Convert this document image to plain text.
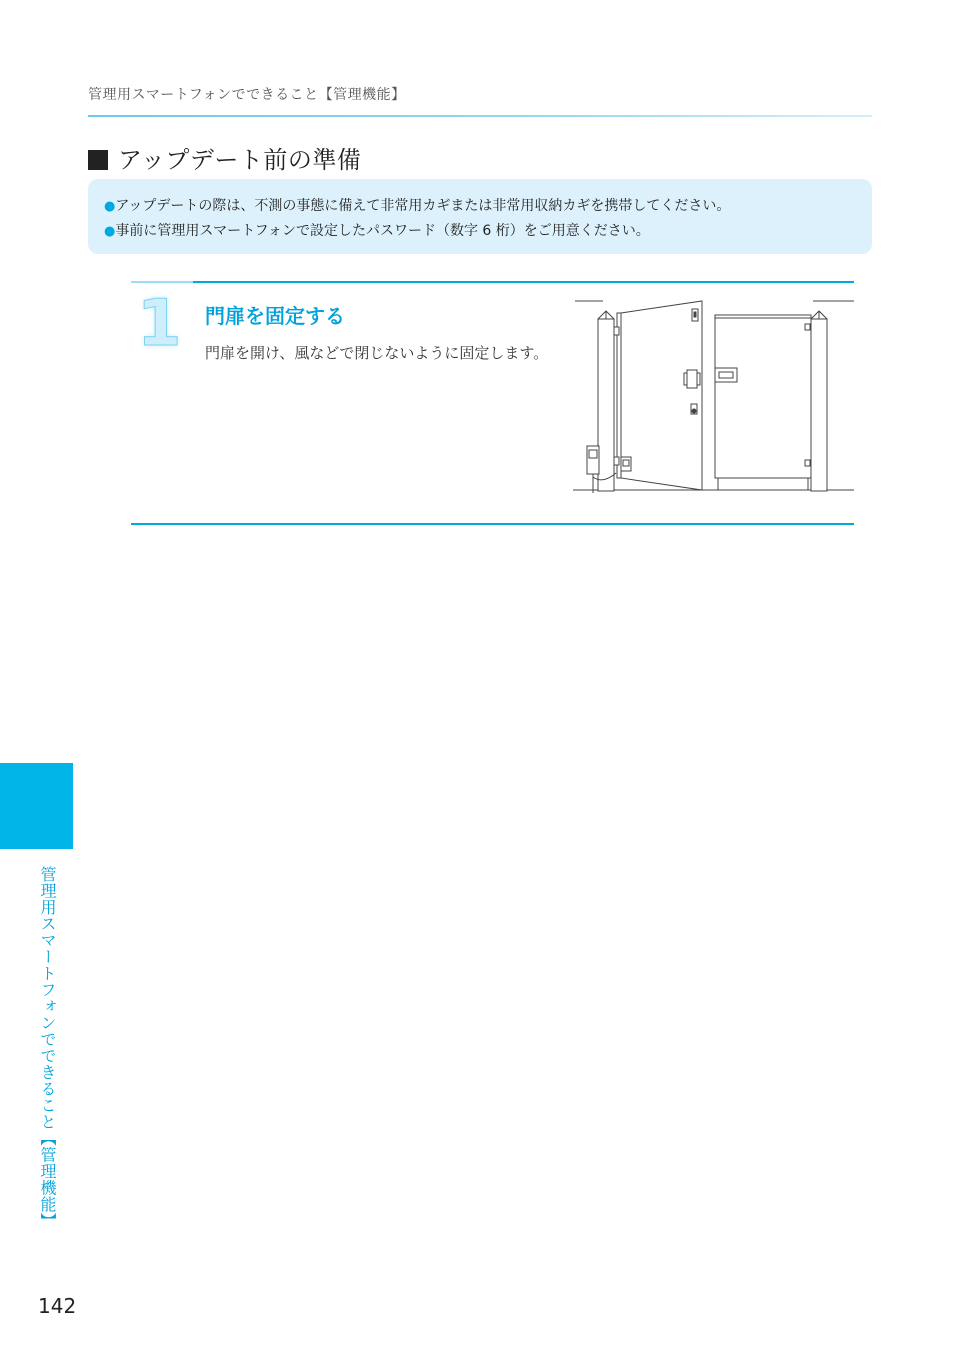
管理用スマートフォンでできること【管理機能】
アップデート前の準備
●アップデートの際は、不測の事態に備えて非常用カギまたは非常用収納カギを携帯してください。
●事前に管理用スマートフォンで設定したパスワード（数字 6 桁）をご用意ください。
1 門扉を固定する
門扉を開け、風などで閉じないように固定します。
管理用スマートフォンでできること【管理機能】
142
